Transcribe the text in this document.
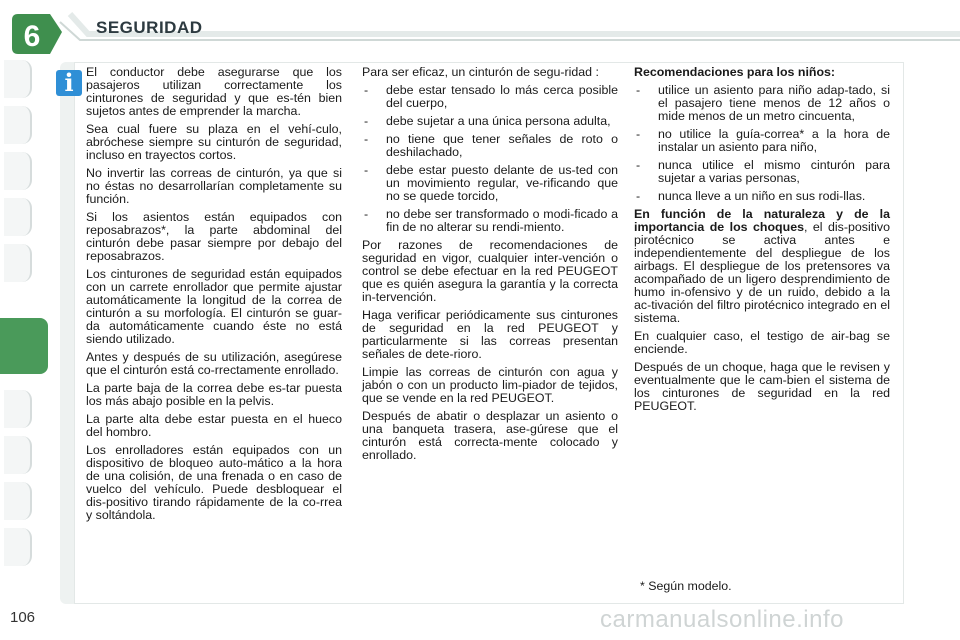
6	SEGURIDAD
i	El conductor debe asegurarse que los pasajeros utilizan correctamente los cinturones de seguridad y que es-tén bien sujetos antes de emprender la marcha.

Sea cual fuere su plaza en el vehí-culo, abróchese siempre su cinturón de seguridad, incluso en trayectos cortos.

No invertir las correas de cinturón, ya que si no éstas no desarrollarían completamente su función.

Si los asientos están equipados con reposabrazos*, la parte abdominal del cinturón debe pasar siempre por debajo del reposabrazos.

Los cinturones de seguridad están equipados con un carrete enrollador que permite ajustar automáticamente la longitud de la correa de cinturón a su morfología. El cinturón se guar-da automáticamente cuando éste no está siendo utilizado.

Antes y después de su utilización, asegúrese que el cinturón está co-rrectamente enrollado.

La parte baja de la correa debe es-tar puesta los más abajo posible en la pelvis.

La parte alta debe estar puesta en el hueco del hombro.

Los enrolladores están equipados con un dispositivo de bloqueo auto-mático a la hora de una colisión, de una frenada o en caso de vuelco del vehículo. Puede desbloquear el dis-positivo tirando rápidamente de la co-rrea y soltándola.

Para ser eficaz, un cinturón de segu-ridad :

-	debe estar tensado lo más cerca posible del cuerpo,
-	debe sujetar a una única persona adulta,
-	no tiene que tener señales de roto o deshilachado,
-	debe estar puesto delante de us-ted con un movimiento regular, ve-rificando que no se quede torcido,
-	no debe ser transformado o modi-ficado a fin de no alterar su rendi-miento.

Por razones de recomendaciones de seguridad en vigor, cualquier inter-vención o control se debe efectuar en la red PEUGEOT que es quién asegura la garantía y la correcta in-tervención.

Haga verificar periódicamente sus cinturones de seguridad en la red PEUGEOT y particularmente si las correas presentan señales de dete-rioro.

Limpie las correas de cinturón con agua y jabón o con un producto lim-piador de tejidos, que se vende en la red PEUGEOT.

Después de abatir o desplazar un asiento o una banqueta trasera, ase-gúrese que el cinturón está correcta-mente colocado y enrollado.

Recomendaciones para los niños:

-	utilice un asiento para niño adap-tado, si el pasajero tiene menos de 12 años o mide menos de un metro cincuenta,
-	no utilice la guía-correa* a la hora de instalar un asiento para niño,
-	nunca utilice el mismo cinturón para sujetar a varias personas,
-	nunca lleve a un niño en sus rodi-llas.

En función de la naturaleza y de la importancia de los choques, el dis-positivo pirotécnico se activa antes e independientemente del despliegue de los airbags. El despliegue de los pretensores va acompañado de un ligero desprendimiento de humo in-ofensivo y de un ruido, debido a la ac-tivación del filtro pirotécnico integrado en el sistema.

En cualquier caso, el testigo de air-bag se enciende.

Después de un choque, haga que le revisen y eventualmente que le cam-bien el sistema de los cinturones de seguridad en la red PEUGEOT.

* Según modelo.
106	carmanualsonline.info
